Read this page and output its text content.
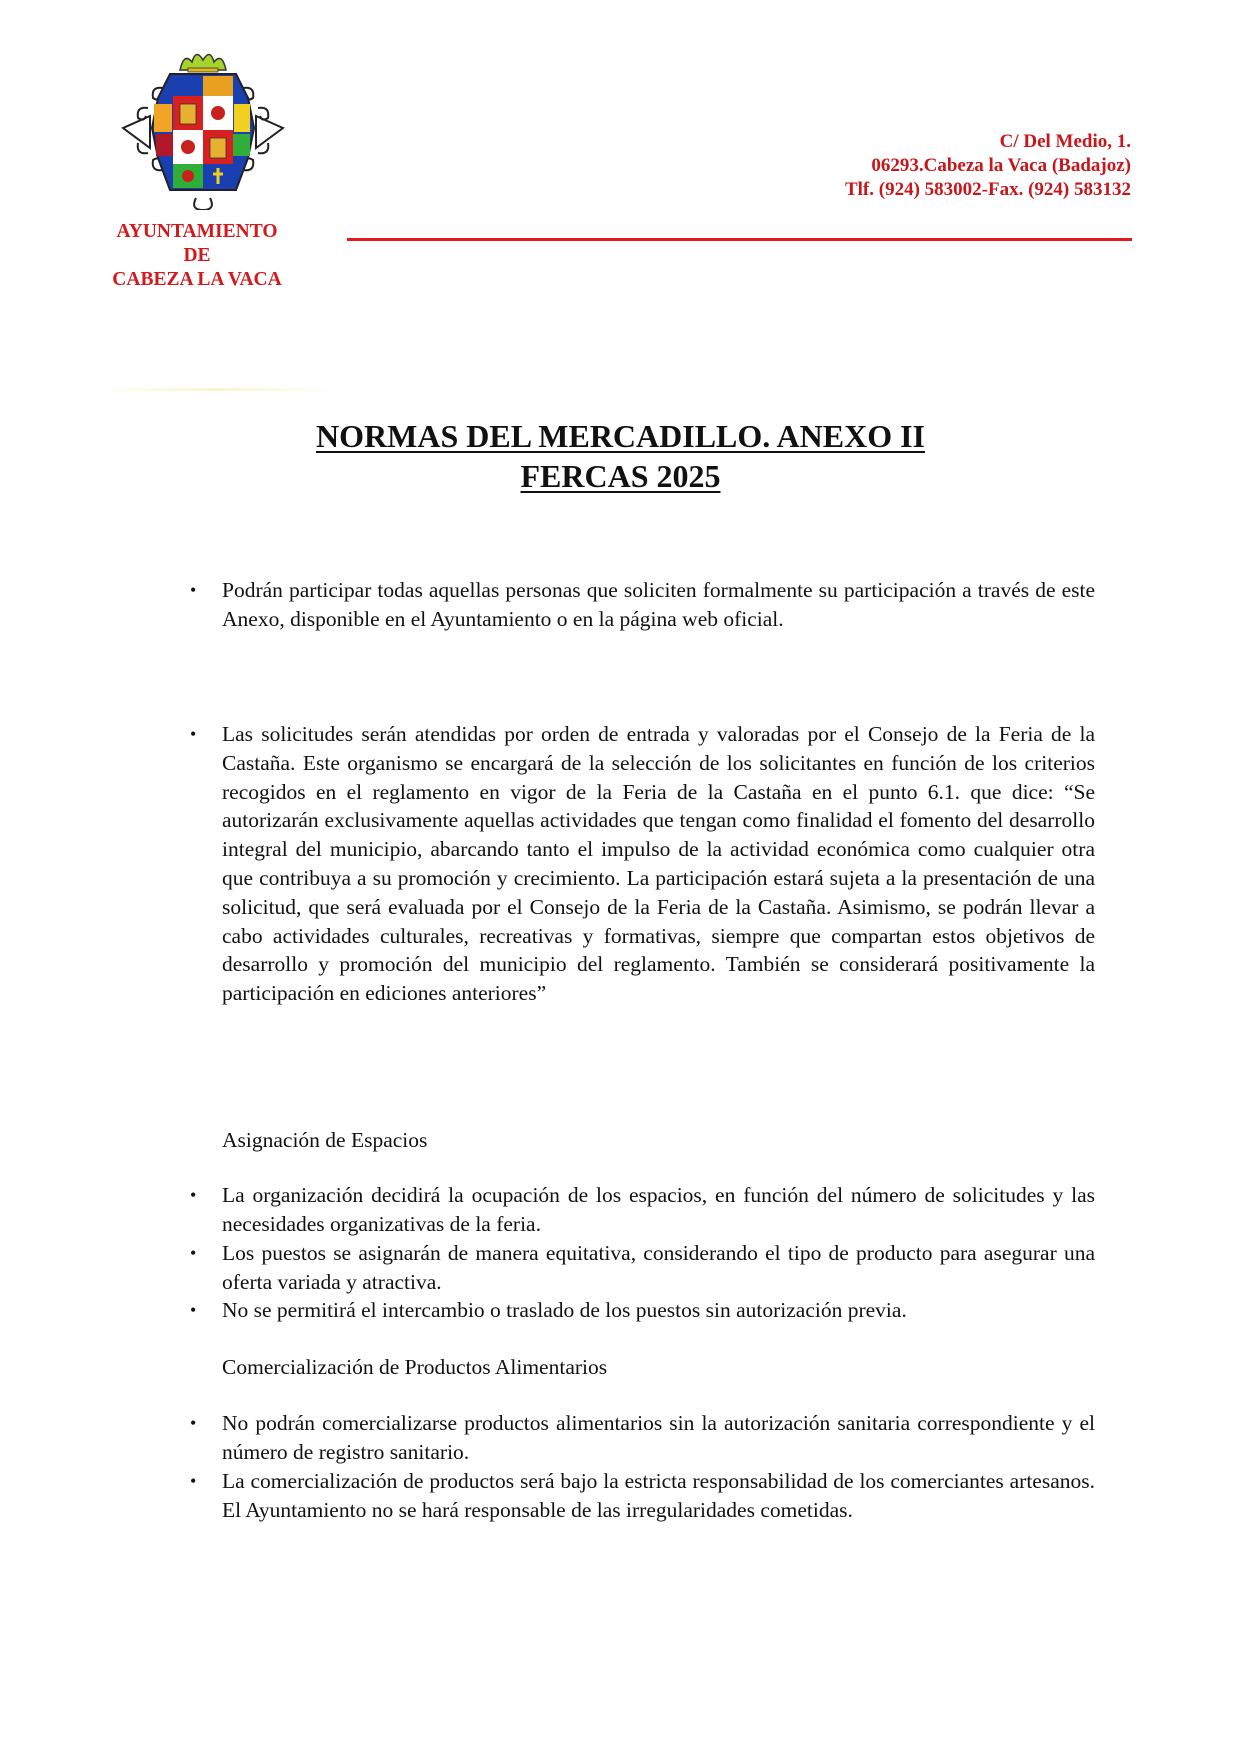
AYUNTAMIENTO
DE
CABEZA LA VACA
C/ Del Medio, 1.
06293.Cabeza la Vaca (Badajoz)
Tlf. (924) 583002-Fax. (924) 583132
NORMAS DEL MERCADILLO. ANEXO II
FERCAS 2025
• Podrán participar todas aquellas personas que soliciten formalmente su participación a través de este Anexo, disponible en el Ayuntamiento o en la página web oficial.
• Las solicitudes serán atendidas por orden de entrada y valoradas por el Consejo de la Feria de la Castaña. Este organismo se encargará de la selección de los solicitantes en función de los criterios recogidos en el reglamento en vigor de la Feria de la Castaña en el punto 6.1. que dice: “Se autorizarán exclusivamente aquellas actividades que tengan como finalidad el fomento del desarrollo integral del municipio, abarcando tanto el impulso de la actividad económica como cualquier otra que contribuya a su promoción y crecimiento. La participación estará sujeta a la presentación de una solicitud, que será evaluada por el Consejo de la Feria de la Castaña. Asimismo, se podrán llevar a cabo actividades culturales, recreativas y formativas, siempre que compartan estos objetivos de desarrollo y promoción del municipio del reglamento. También se considerará positivamente la participación en ediciones anteriores”
Asignación de Espacios
• La organización decidirá la ocupación de los espacios, en función del número de solicitudes y las necesidades organizativas de la feria.
• Los puestos se asignarán de manera equitativa, considerando el tipo de producto para asegurar una oferta variada y atractiva.
• No se permitirá el intercambio o traslado de los puestos sin autorización previa.
Comercialización de Productos Alimentarios
• No podrán comercializarse productos alimentarios sin la autorización sanitaria correspondiente y el número de registro sanitario.
• La comercialización de productos será bajo la estricta responsabilidad de los comerciantes artesanos. El Ayuntamiento no se hará responsable de las irregularidades cometidas.
